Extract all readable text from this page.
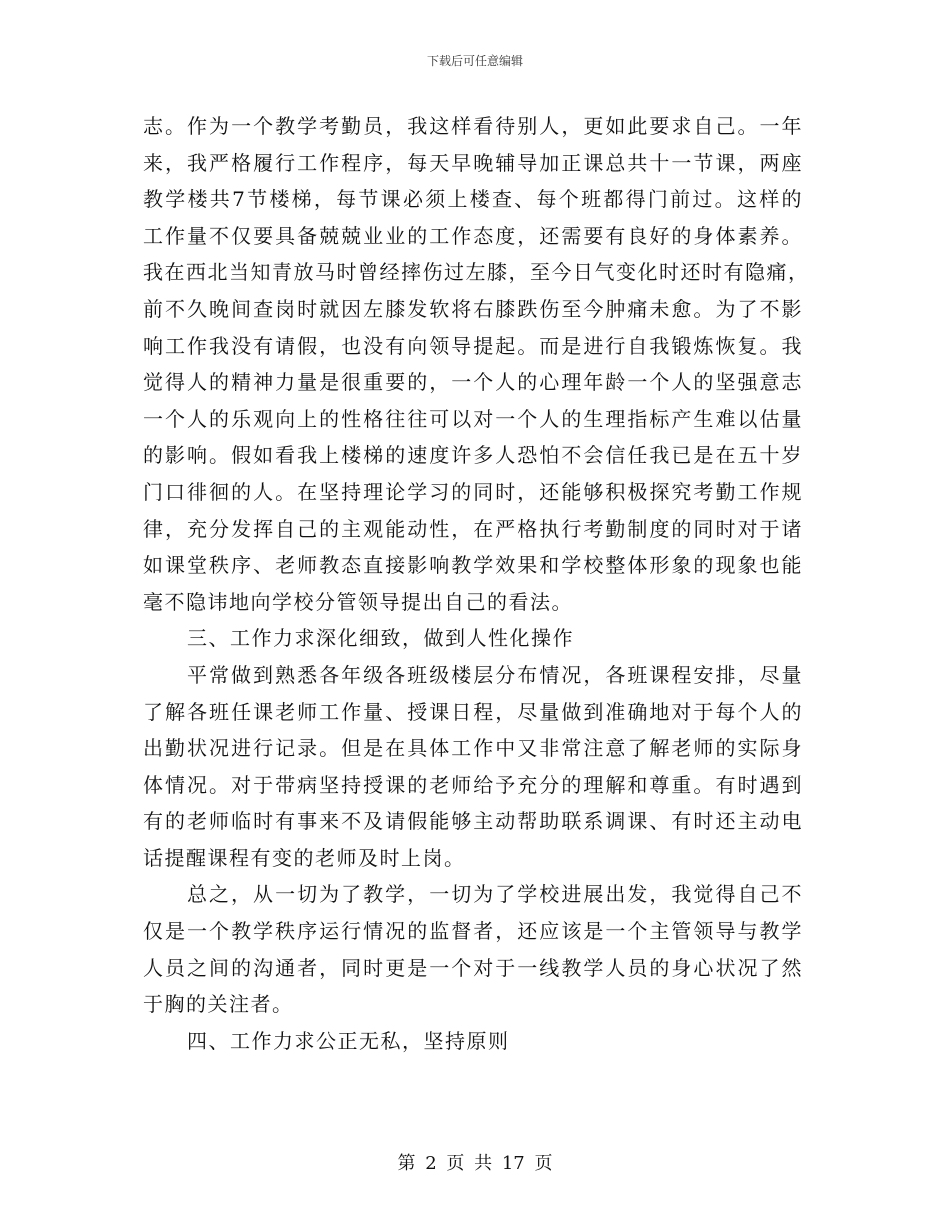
下载后可任意编辑
志。作为一个教学考勤员，我这样看待别人，更如此要求自己。一年
来，我严格履行工作程序，每天早晚辅导加正课总共十一节课，两座
教学楼共7节楼梯，每节课必须上楼查、每个班都得门前过。这样的
工作量不仅要具备兢兢业业的工作态度，还需要有良好的身体素养。
我在西北当知青放马时曾经摔伤过左膝，至今日气变化时还时有隐痛，
前不久晚间查岗时就因左膝发软将右膝跌伤至今肿痛未愈。为了不影
响工作我没有请假，也没有向领导提起。而是进行自我锻炼恢复。我
觉得人的精神力量是很重要的，一个人的心理年龄一个人的坚强意志
一个人的乐观向上的性格往往可以对一个人的生理指标产生难以估量
的影响。假如看我上楼梯的速度许多人恐怕不会信任我已是在五十岁
门口徘徊的人。在坚持理论学习的同时，还能够积极探究考勤工作规
律，充分发挥自己的主观能动性，在严格执行考勤制度的同时对于诸
如课堂秩序、老师教态直接影响教学效果和学校整体形象的现象也能
毫不隐讳地向学校分管领导提出自己的看法。
三、工作力求深化细致，做到人性化操作
平常做到熟悉各年级各班级楼层分布情况，各班课程安排，尽量
了解各班任课老师工作量、授课日程，尽量做到准确地对于每个人的
出勤状况进行记录。但是在具体工作中又非常注意了解老师的实际身
体情况。对于带病坚持授课的老师给予充分的理解和尊重。有时遇到
有的老师临时有事来不及请假能够主动帮助联系调课、有时还主动电
话提醒课程有变的老师及时上岗。
总之，从一切为了教学，一切为了学校进展出发，我觉得自己不
仅是一个教学秩序运行情况的监督者，还应该是一个主管领导与教学
人员之间的沟通者，同时更是一个对于一线教学人员的身心状况了然
于胸的关注者。
四、工作力求公正无私，坚持原则
第 2 页 共 17 页
